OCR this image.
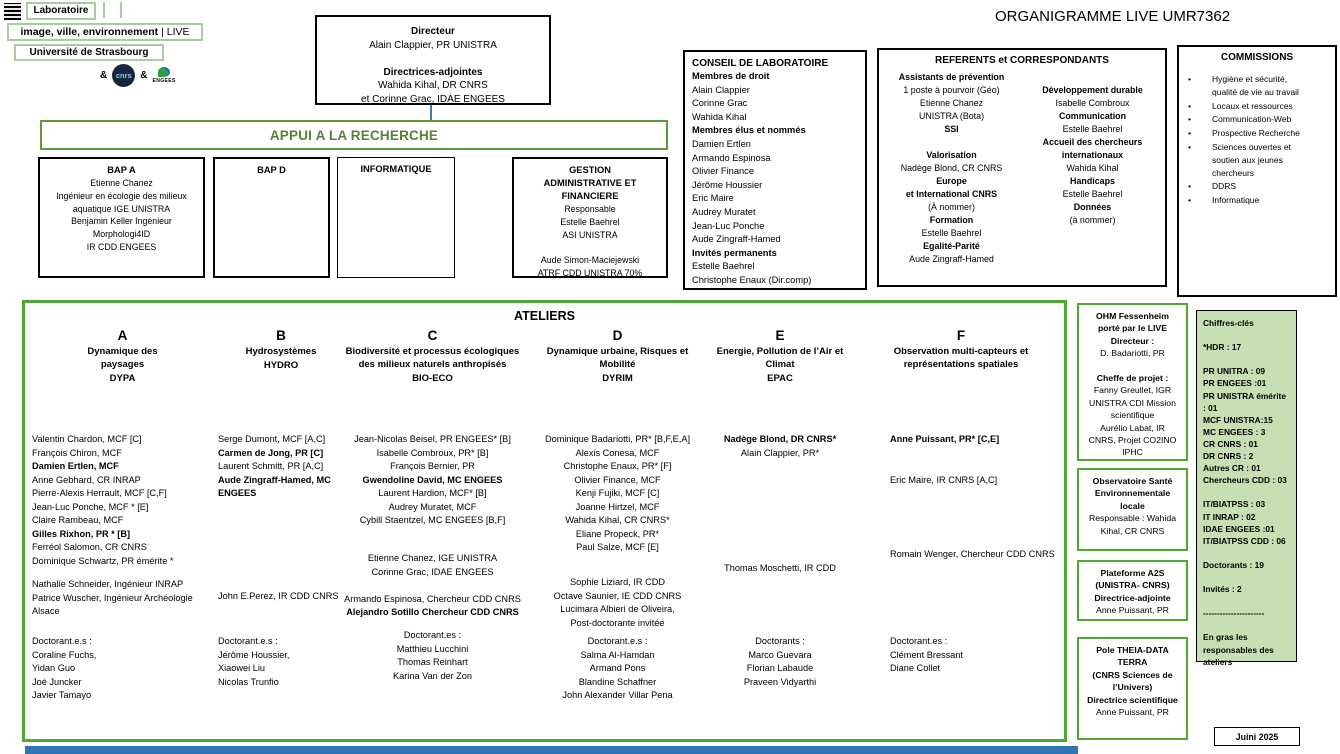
ORGANIGRAMME LIVE UMR7362
Laboratoire
image, ville, environnement | LIVE
Université de Strasbourg
&	cnrs & ENGEES
Directeur
Alain Clappier, PR UNISTRA
Directrices-adjointes
Wahida Kihal, DR CNRS
et Corinne Grac, IDAE ENGEES
CONSEIL DE LABORATOIRE
Membres de droit
Alain Clappier
Corinne Grac
Wahida Kihal
Membres élus et nommés
Damien Ertlen
Armando Espinosa
Olivier Finance
Jérôme Houssier
Eric Maire
Audrey Muratet
Jean-Luc Ponche
Aude Zingraff-Hamed
Invités permanents
Estelle Baehrel
Christophe Enaux (Dir.comp)
REFERENTS et CORRESPONDANTS
Assistants de prévention
1 poste à pourvoir (Géo)
Etienne Chanez
UNISTRA (Bota)
SSI
Valorisation
Nadège Blond, CR CNRS
Europe
et International CNRS
(À nommer)
Formation
Estelle Baehrel
Egalité-Parité
Aude Zingraff-Hamed
Développement durable
Isabelle Combroux
Communication
Estelle Baehrel
Accueil des chercheurs
internationaux
Wahida Kihal
Handicaps
Estelle Baehrel
Données
(à nommer)
COMMISSIONS
•	Hygiène et sécurité, qualité de vie au travail
•	Locaux et ressources
•	Communication-Web
•	Prospective Recherche
•	Sciences ouvertes et soutien aux jeunes chercheurs
•	DDRS
•	Informatique
APPUI A LA RECHERCHE
BAP A
Etienne Chanez
Ingénieur en écologie des milieux
aquatique IGE UNISTRA
Benjamin Keller Ingénieur
Morphologi4ID
IR CDD ENGEES
BAP D	INFORMATIQUE	GESTION
ADMINISTRATIVE ET FINANCIERE
Responsable
Estelle Baehrel
ASI UNISTRA
Aude Simon-Maciejewski
ATRF CDD UNISTRA 70%
ATELIERS
A
Dynamique des paysages
DYPA
Valentin Chardon, MCF [C]
François Chiron, MCF
Damien Ertlen, MCF
Anne Gebhard, CR INRAP
Pierre-Alexis Herrault, MCF [C,F]
Jean-Luc Ponche, MCF * [E]
Claire Rambeau, MCF
Gilles Rixhon, PR * [B]
Ferréol Salomon, CR CNRS
Dominique Schwartz, PR émérite *
Nathalie Schneider, Ingénieur INRAP
Patrice Wuscher, Ingénieur Archéologie Alsace
Doctorant.e.s :
Coraline Fuchs,
Yidan Guo
Joé Juncker
Javier Tamayo
B
Hydrosystèmes
HYDRO
Serge Dumont, MCF [A,C]
Carmen de Jong, PR [C]
Laurent Schmitt, PR [A,C]
Aude Zingraff-Hamed, MC
ENGEES
John E.Perez, IR CDD CNRS
Doctorant.e.s :
Jérôme Houssier,
Xiaowei Liu
Nicolas Trunfio
C
Biodiversité et processus écologiques des milieux naturels anthropisés
BIO-ECO
Jean-Nicolas Beisel, PR ENGEES* [B]
Isabelle Combroux, PR* [B]
François Bernier, PR
Gwendoline David, MC ENGEES
Laurent Hardion, MCF* [B]
Audrey Muratet, MCF
Cybill Staentzel, MC ENGEES [B,F]
Etienne Chanez, IGE UNISTRA
Corinne Grac, IDAE ENGEES
Armando Espinosa, Chercheur CDD CNRS
Alejandro Sotillo Chercheur CDD CNRS
Doctorant.es :
Matthieu Lucchini
Thomas Reinhart
Karina Van der Zon
D
Dynamique urbaine, Risques et Mobilité
DYRIM
Dominique Badariotti, PR* [B,F,E,A]
Alexis Conesa, MCF
Christophe Enaux, PR* [F]
Olivier Finance, MCF
Kenji Fujiki, MCF [C]
Joanne Hirtzel, MCF
Wahida Kihal, CR CNRS*
Eliane Propeck, PR*
Paul Salze, MCF [E]
Sophie Liziard, IR CDD
Octave Saunier, IE CDD CNRS
Lucimara Albieri de Oliveira,
Post-doctorante invitée
Doctorant.e.s :
Salma Al-Hamdan
Armand Pons
Blandine Schaffner
John Alexander Villar Pena
E
Energie, Pollution de l’Air et Climat
EPAC
Nadège Blond, DR CNRS*
Alain Clappier, PR*
Thomas Moschetti, IR CDD
Doctorants :
Marco Guevara
Florian Labaude
Praveen Vidyarthi
F
Observation multi-capteurs et représentations spatiales
Anne Puissant, PR* [C,E]
Eric Maire, IR CNRS [A,C]
Romain Wenger, Chercheur CDD CNRS
Doctorant.es :
Clément Bressant
Diane Collet
OHM Fessenheim
porté par le LIVE
Directeur :
D. Badariotti, PR
Cheffe de projet :
Fanny Greullet, IGR
UNISTRA CDI Mission
scientifique
Aurélio Labat, IR
CNRS, Projet CO2INO
IPHC
Observatoire Santé
Environnementale
locale
Responsable : Wahida
Kihal, CR CNRS
Plateforme A2S
(UNISTRA- CNRS)
Directrice-adjointe
Anne Puissant, PR
Pole THEIA-DATA
TERRA
(CNRS Sciences de
l’Univers)
Directrice scientifique
Anne Puissant, PR
Chiffres-clés
*HDR : 17
PR UNITRA : 09
PR ENGEES :01
PR UNISTRA émérite : 01
MCF UNISTRA:15
MC ENGEES : 3
CR CNRS : 01
DR CNRS : 2
Autres CR : 01
Chercheurs CDD : 03
IT/BIATPSS : 03
IT INRAP : 02
IDAE ENGEES :01
IT/BIATPSS CDD : 06
Doctorants : 19
Invités : 2
----------------------
En gras les responsables des ateliers
Juini 2025
